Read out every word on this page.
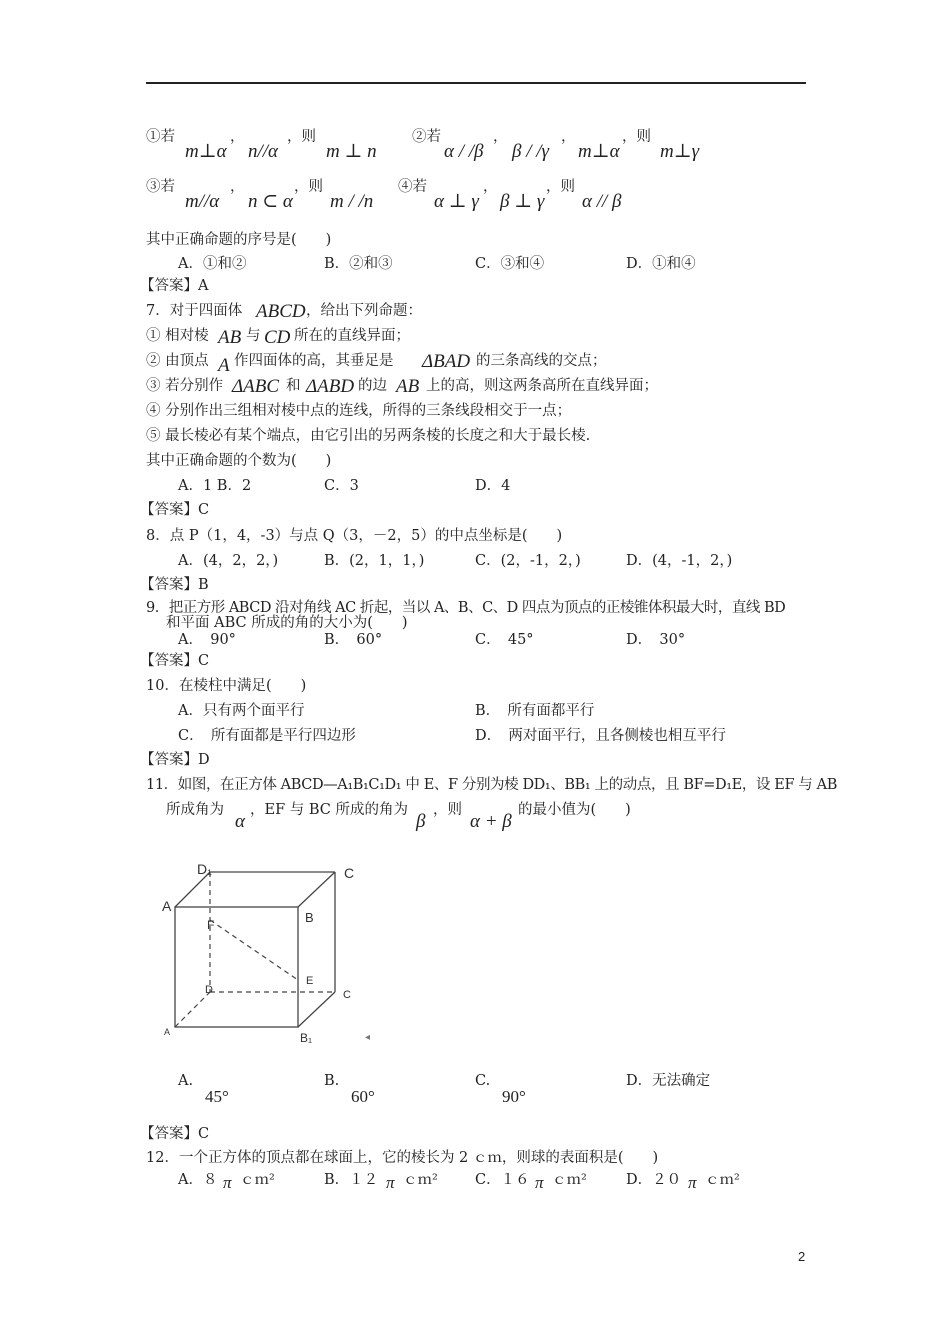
①若
m⊥α
，
n//α
，则
m ⊥ n
②若
α / /β
，
β / /γ
，
m⊥α
，则
m⊥γ
③若
m//α
，
n ⊂ α
，则
m / /n
④若
α ⊥ γ
，
β ⊥ γ
，则
α // β
其中正确命题的序号是(　　)
A．①和②	B．②和③	C．③和④	D．①和④
【答案】A
7．对于四面体 ABCD ，给出下列命题：
① 相对棱 AB 与 CD 所在的直线异面；
② 由顶点 A 作四面体的高，其垂足是 ΔBAD 的三条高线的交点；
③ 若分别作 ΔABC 和 ΔABD 的边 AB 上的高，则这两条高所在直线异面；
④ 分别作出三组相对棱中点的连线，所得的三条线段相交于一点；
⑤ 最长棱必有某个端点，由它引出的另两条棱的长度之和大于最长棱.
其中正确命题的个数为(　　)
A．1 B．2	C．3	D．4
【答案】C
8．点 P（1，4，-3）与点 Q（3，－2，5）的中点坐标是(　　)
A．(4，2，2，)	B．(2，1，1，)	C．(2，-1，2，)	D．(4，-1，2，)
【答案】B
9．把正方形 ABCD 沿对角线 AC 折起，当以 A、B、C、D 四点为顶点的正棱锥体积最大时，直线 BD
和平面 ABC 所成的角的大小为(　　)
A．　90°	B．　60°	C．　45°	D．　30°
【答案】C
10．在棱柱中满足(　　)
A．只有两个面平行	B．　所有面都平行
C．　所有面都是平行四边形	D．　两对面平行，且各侧棱也相互平行
【答案】D
11．如图，在正方体 ABCD—A₁B₁C₁D₁ 中 E、F 分别为棱 DD₁、BB₁ 上的动点，且 BF=D₁E，设 EF 与 AB
所成角为
α
，EF 与 BC 所成的角为
β
，则
α + β
的最小值为(　　)
D₁	C
A
B
F
E
D	C
A	B₁	◂
A.
45°
B.
60°
C.
90°
D．无法确定
【答案】C
12．一个正方体的顶点都在球面上，它的棱长为 2 ｃｍ，则球的表面积是(　　)
A．８ π ｃｍ²	B．１２ π ｃｍ²	C．１６ π ｃｍ²	D．２０ π ｃｍ²
2
